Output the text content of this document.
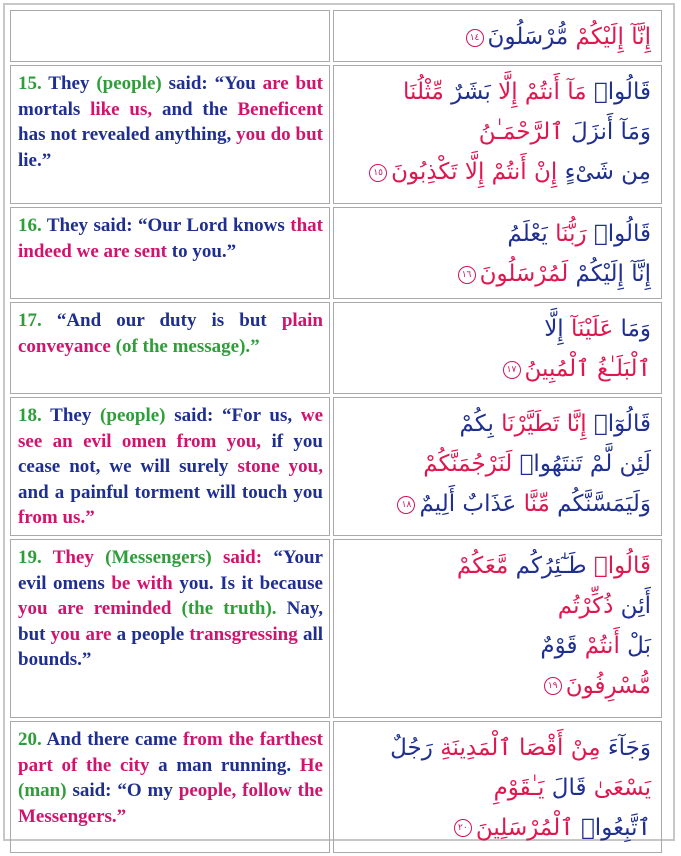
	إِنَّآ إِلَيْكُمْ مُّرْسَلُونَ١٤

15. They (people) said: “You are but mortals like us, and the Beneficent has not revealed anything, you do but lie.”	قَالُوا۟ مَآ أَنتُمْ إِلَّا بَشَرٌ مِّثْلُنَا
وَمَآ أَنزَلَ ٱلرَّحْمَـٰنُ
مِن شَىْءٍ إِنْ أَنتُمْ إِلَّا تَكْذِبُونَ١٥

16. They said: “Our Lord knows that indeed we are sent to you.”	قَالُوا۟ رَبُّنَا يَعْلَمُ
إِنَّآ إِلَيْكُمْ لَمُرْسَلُونَ١٦

17. “And our duty is but plain conveyance (of the message).”	وَمَا عَلَيْنَآ إِلَّا
ٱلْبَلَـٰغُ ٱلْمُبِينُ١٧

18. They (people) said: “For us, we see an evil omen from you, if you cease not, we will surely stone you, and a painful torment will touch you from us.”	قَالُوٓا۟ إِنَّا تَطَيَّرْنَا بِكُمْ
لَئِن لَّمْ تَنتَهُوا۟ لَنَرْجُمَنَّكُمْ
وَلَيَمَسَّنَّكُم مِّنَّا عَذَابٌ أَلِيمٌ١٨

19. They (Messengers) said: “Your evil omens be with you. Is it because you are reminded (the truth). Nay, but you are a people transgressing all bounds.”	قَالُوا۟ طَـٰٓئِرُكُم مَّعَكُمْ
أَئِن ذُكِّرْتُم
بَلْ أَنتُمْ قَوْمٌ
مُّسْرِفُونَ١٩

20. And there came from the farthest part of the city a man running. He (man) said: “O my people, follow the Messengers.”	وَجَآءَ مِنْ أَقْصَا ٱلْمَدِينَةِ رَجُلٌ
يَسْعَىٰ قَالَ يَـٰقَوْمِ
ٱتَّبِعُوا۟ ٱلْمُرْسَلِينَ٢٠
